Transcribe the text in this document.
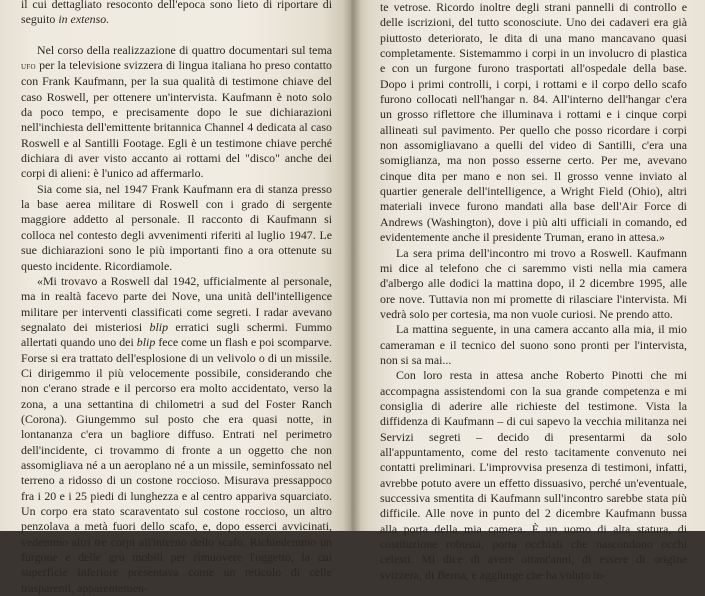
il cui dettagliato resoconto dell'epoca sono lieto di riportare di seguito in extenso.

Nel corso della realizzazione di quattro documentari sul tema ufo per la televisione svizzera di lingua italiana ho preso contatto con Frank Kaufmann, per la sua qualità di testimone chiave del caso Roswell, per ottenere un'intervista. Kaufmann è noto solo da poco tempo, e precisamente dopo le sue dichiarazioni nell'inchiesta dell'emittente britannica Channel 4 dedicata al caso Roswell e al Santilli Footage. Egli è un testimone chiave perché dichiara di aver visto accanto ai rottami del "disco" anche dei corpi di alieni: è l'unico ad affermarlo.

Sia come sia, nel 1947 Frank Kaufmann era di stanza presso la base aerea militare di Roswell con i grado di sergente maggiore addetto al personale. Il racconto di Kaufmann si colloca nel contesto degli avvenimenti riferiti al luglio 1947. Le sue dichiarazioni sono le più importanti fino a ora ottenute su questo incidente. Ricordiamole.

«Mi trovavo a Roswell dal 1942, ufficialmente al personale, ma in realtà facevo parte dei Nove, una unità dell'intelligence militare per interventi classificati come segreti. I radar avevano segnalato dei misteriosi blip erratici sugli schermi. Fummo allertati quando uno dei blip fece come un flash e poi scomparve. Forse si era trattato dell'esplosione di un velivolo o di un missile. Ci dirigemmo il più velocemente possibile, considerando che non c'erano strade e il percorso era molto accidentato, verso la zona, a una settantina di chilometri a sud del Foster Ranch (Corona). Giungemmo sul posto che era quasi notte, in lontananza c'era un bagliore diffuso. Entrati nel perimetro dell'incidente, ci trovammo di fronte a un oggetto che non assomigliava né a un aeroplano né a un missile, seminfossato nel terreno a ridosso di un costone roccioso. Misurava pressappoco fra i 20 e i 25 piedi di lunghezza e al centro appariva squarciato. Un corpo era stato scaraventato sul costone roccioso, un altro penzolava a metà fuori dello scafo, e, dopo esserci avvicinati, vedemmo altri tre corpi all'interno dello scafo. Richiedemmo un furgone e delle gru mobili per rimuovere l'oggetto, la cui superficie inferiore presentava come un reticolo di celle trasparenti, apparentemen-

te vetrose. Ricordo inoltre degli strani pannelli di controllo e delle iscrizioni, del tutto sconosciute. Uno dei cadaveri era già piuttosto deteriorato, le dita di una mano mancavano quasi completamente. Sistemammo i corpi in un involucro di plastica e con un furgone furono trasportati all'ospedale della base. Dopo i primi controlli, i corpi, i rottami e il corpo dello scafo furono collocati nell'hangar n. 84. All'interno dell'hangar c'era un grosso riflettore che illuminava i rottami e i cinque corpi allineati sul pavimento. Per quello che posso ricordare i corpi non assomigliavano a quelli del video di Santilli, c'era una somiglianza, ma non posso esserne certo. Per me, avevano cinque dita per mano e non sei. Il grosso venne inviato al quartier generale dell'intelligence, a Wright Field (Ohio), altri materiali invece furono mandati alla base dell'Air Force di Andrews (Washington), dove i più alti ufficiali in comando, ed evidentemente anche il presidente Truman, erano in attesa.»

La sera prima dell'incontro mi trovo a Roswell. Kaufmann mi dice al telefono che ci saremmo visti nella mia camera d'albergo alle dodici la mattina dopo, il 2 dicembre 1995, alle ore nove. Tuttavia non mi promette di rilasciare l'intervista. Mi vedrà solo per cortesia, ma non vuole curiosi. Ne prendo atto.

La mattina seguente, in una camera accanto alla mia, il mio cameraman e il tecnico del suono sono pronti per l'intervista, non si sa mai...

Con loro resta in attesa anche Roberto Pinotti che mi accompagna assistendomi con la sua grande competenza e mi consiglia di aderire alle richieste del testimone. Vista la diffidenza di Kaufmann – di cui sapevo la vecchia militanza nei Servizi segreti – decido di presentarmi da solo all'appuntamento, come del resto tacitamente convenuto nei contatti preliminari. L'improvvisa presenza di testimoni, infatti, avrebbe potuto avere un effetto dissuasivo, perché un'eventuale, successiva smentita di Kaufmann sull'incontro sarebbe stata più difficile. Alle nove in punto del 2 dicembre Kaufmann bussa alla porta della mia camera. È un uomo di alta statura, di costituzione robusta, porta occhiali che nascondono occhi celesti. Mi dice di avere ottant'anni, di essere di origine svizzera, di Berna, e aggiunge che ha voluto in-
